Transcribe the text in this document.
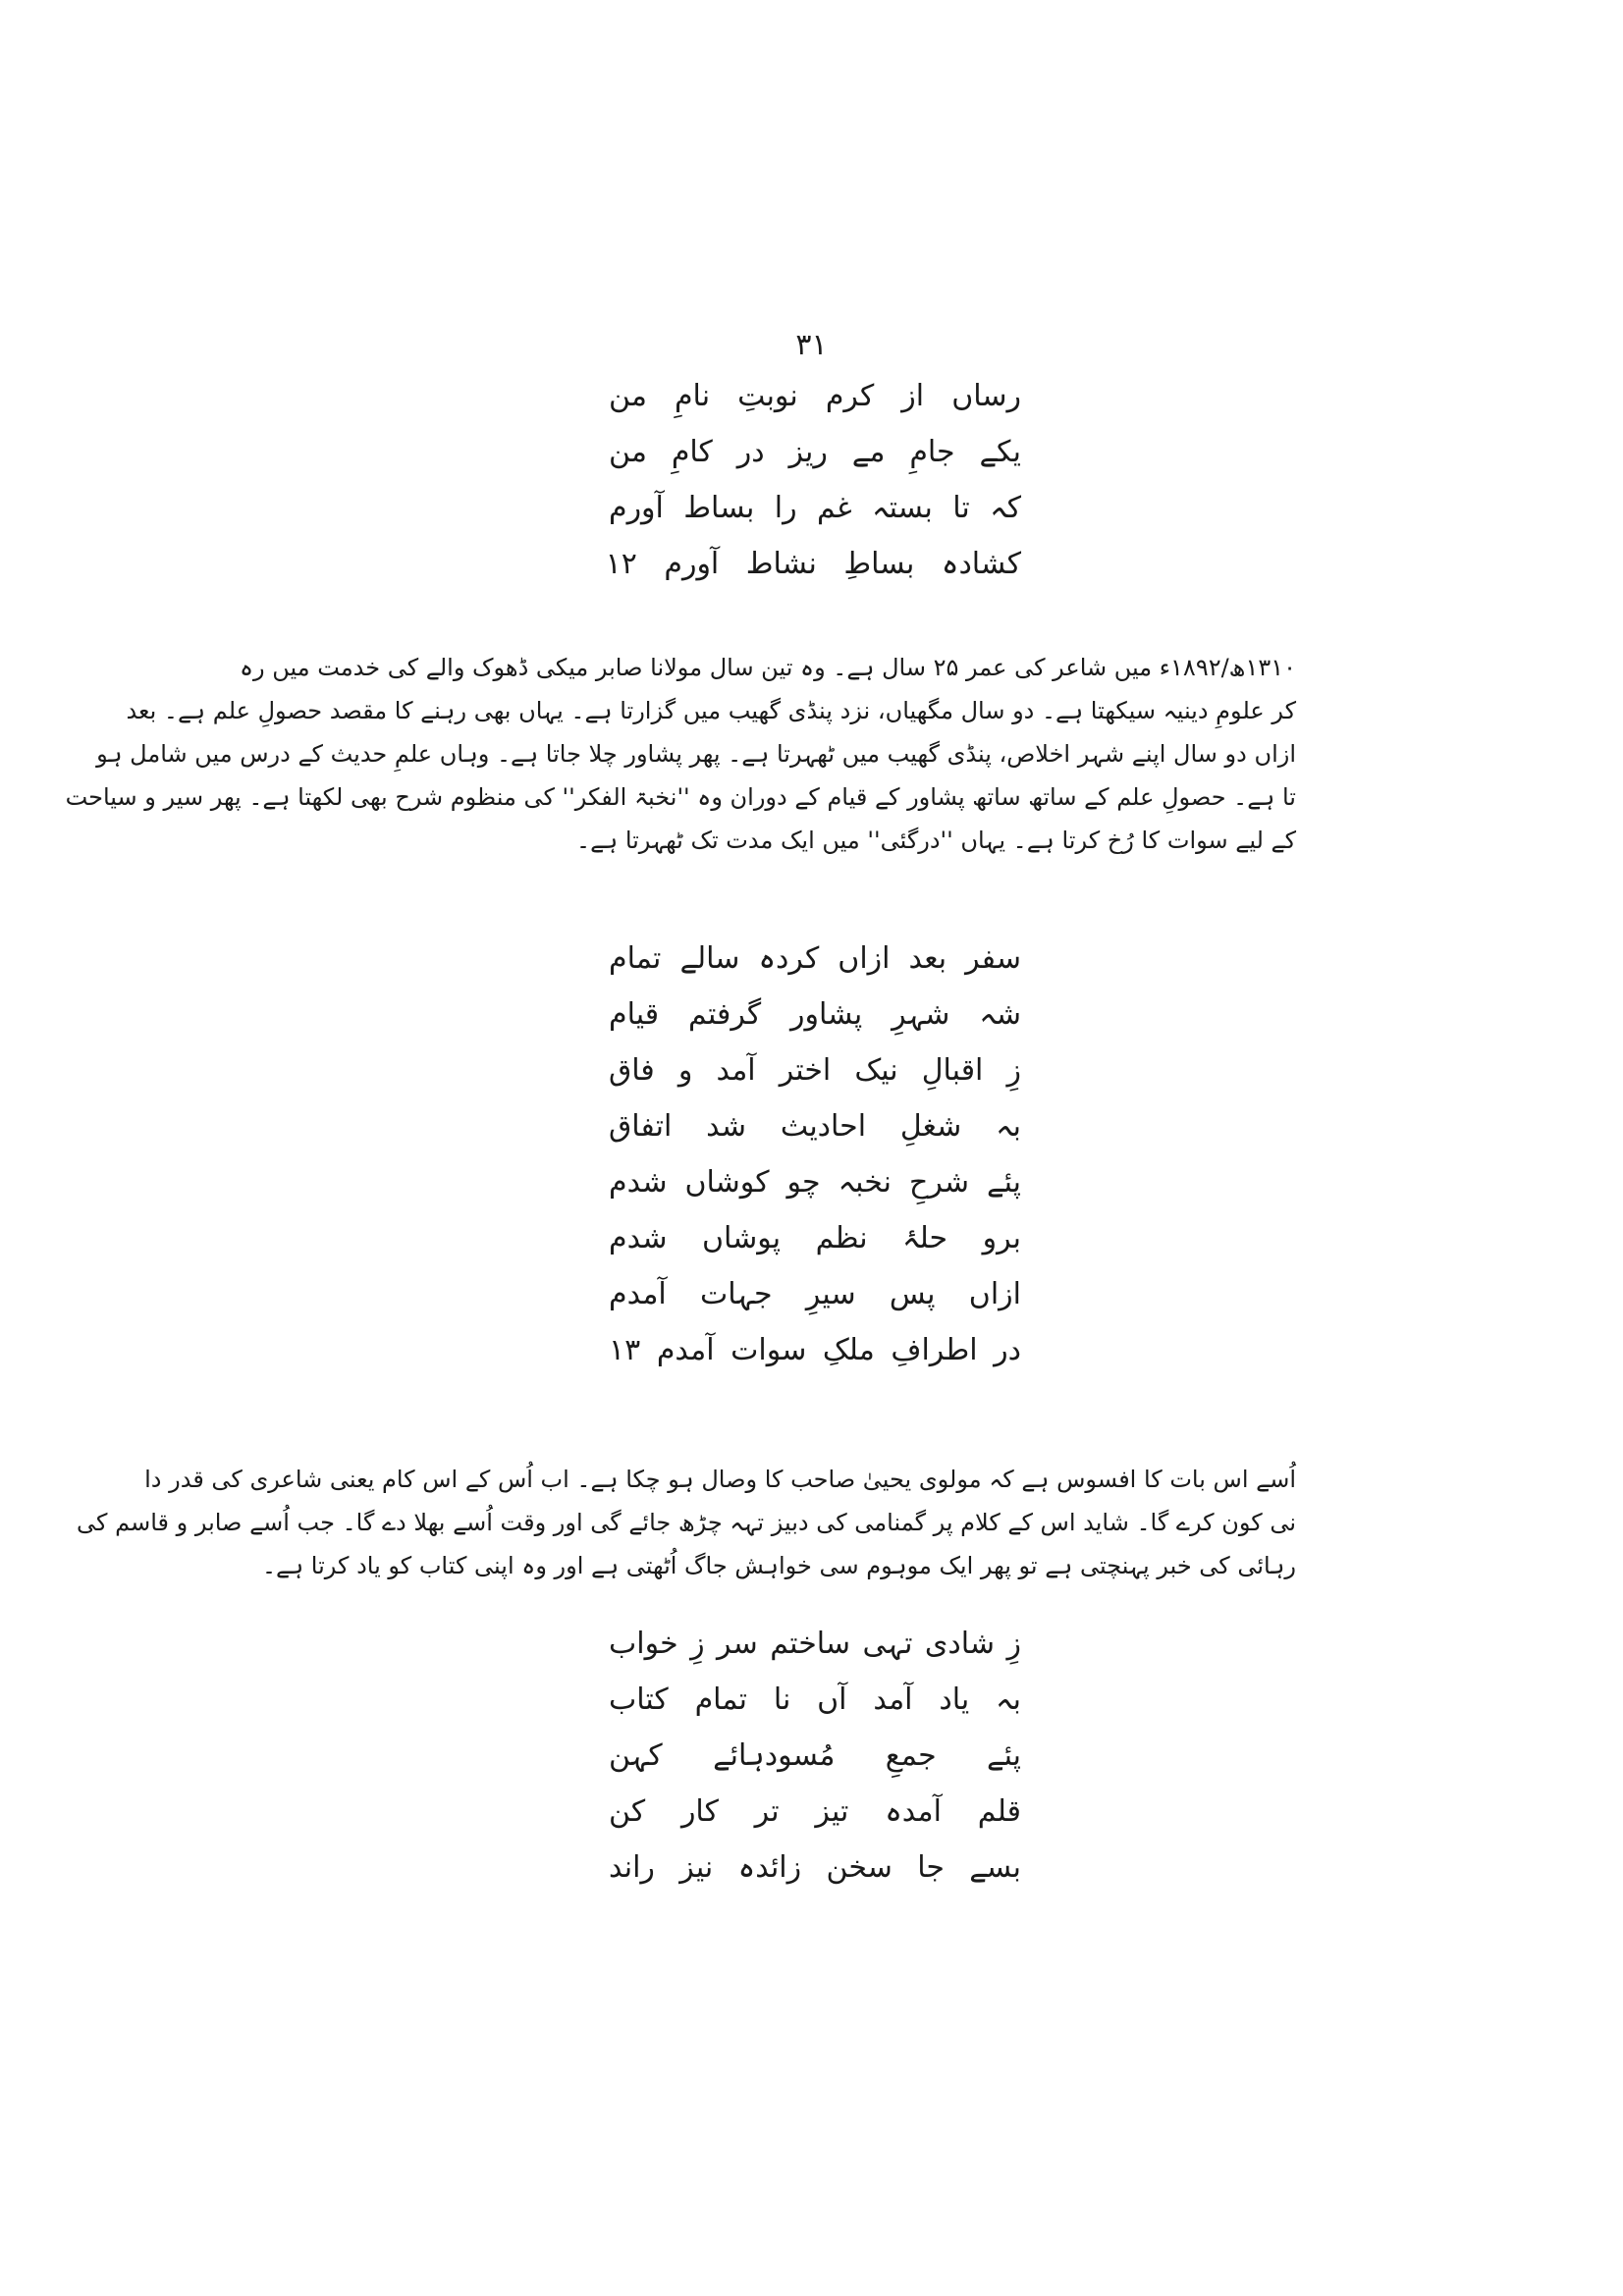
۳۱
رساں از کرم نوبتِ نامِ من
یکے جامِ مے ریز در کامِ من
کہ تا بستہ غم را بساط آورم
کشادہ بساطِ نشاط آورم ۱۲
۱۳۱۰ھ/۱۸۹۲ء میں شاعر کی عمر ۲۵ سال ہے۔ وہ تین سال مولانا صابر میکی ڈھوک والے کی خدمت میں رہ
کر علومِ دینیہ سیکھتا ہے۔ دو سال مگھیاں، نزد پنڈی گھیب میں گزارتا ہے۔ یہاں بھی رہنے کا مقصد حصولِ علم ہے۔ بعد
ازاں دو سال اپنے شہر اخلاص، پنڈی گھیب میں ٹھہرتا ہے۔ پھر پشاور چلا جاتا ہے۔ وہاں علمِ حدیث کے درس میں شامل ہو
تا ہے۔ حصولِ علم کے ساتھ ساتھ پشاور کے قیام کے دوران وہ ''نخبۃ الفکر'' کی منظوم شرح بھی لکھتا ہے۔ پھر سیر و سیاحت
کے لیے سوات کا رُخ کرتا ہے۔ یہاں ''درگئی'' میں ایک مدت تک ٹھہرتا ہے۔
سفر بعد ازاں کردہ سالے تمام
شہ شہرِ پشاور گرفتم قیام
زِ اقبالِ نیک اختر آمد و فاق
بہ شغلِ احادیث شد اتفاق
پئے شرحِ نخبہ چو کوشاں شدم
برو حلۂ نظم پوشاں شدم
ازاں پس سیرِ جہات آمدم
در اطرافِ ملکِ سوات آمدم ۱۳
اُسے اس بات کا افسوس ہے کہ مولوی یحییٰ صاحب کا وصال ہو چکا ہے۔ اب اُس کے اس کام یعنی شاعری کی قدر دا
نی کون کرے گا۔ شاید اس کے کلام پر گمنامی کی دبیز تہہ چڑھ جائے گی اور وقت اُسے بھلا دے گا۔ جب اُسے صابر و قاسم کی
رہائی کی خبر پہنچتی ہے تو پھر ایک موہوم سی خواہش جاگ اُٹھتی ہے اور وہ اپنی کتاب کو یاد کرتا ہے۔
زِ شادی تہی ساختم سر زِ خواب
بہ یاد آمد آں نا تمام کتاب
پئے جمعِ مُسودہائے کہن
قلم آمدہ تیز تر کار کن
بسے جا سخن زائدہ نیز راند
